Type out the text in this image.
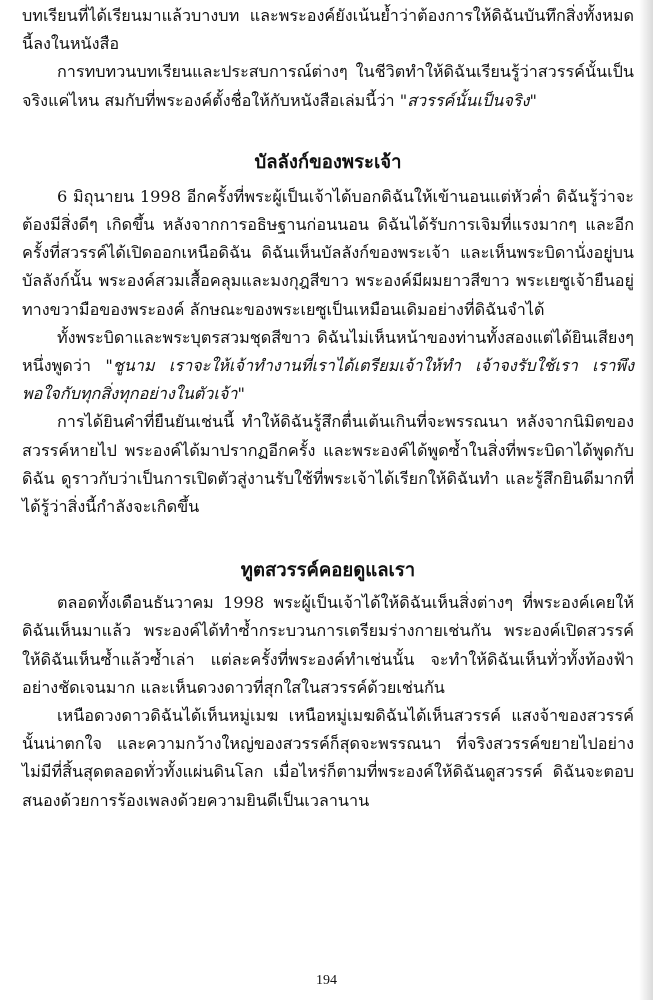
บทเรียนที่ได้เรียนมาแล้วบางบท และพระองค์ยังเน้นย้ำว่าต้องการให้ดิฉันบันทึกสิ่งทั้งหมดนี้ลงในหนังสือ

การทบทวนบทเรียนและประสบการณ์ต่างๆ ในชีวิตทำให้ดิฉันเรียนรู้ว่าสวรรค์นั้นเป็นจริงแค่ไหน สมกับที่พระองค์ตั้งชื่อให้กับหนังสือเล่มนี้ว่า "สวรรค์นั้นเป็นจริง"

บัลลังก์ของพระเจ้า

6 มิถุนายน 1998 อีกครั้งที่พระผู้เป็นเจ้าได้บอกดิฉันให้เข้านอนแต่หัวค่ำ ดิฉันรู้ว่าจะต้องมีสิ่งดีๆ เกิดขึ้น หลังจากการอธิษฐานก่อนนอน ดิฉันได้รับการเจิมที่แรงมากๆ และอีกครั้งที่สวรรค์ได้เปิดออกเหนือดิฉัน ดิฉันเห็นบัลลังก์ของพระเจ้า และเห็นพระบิดานั่งอยู่บนบัลลังก์นั้น พระองค์สวมเสื้อคลุมและมงกุฎสีขาว พระองค์มีผมยาวสีขาว พระเยซูเจ้ายืนอยู่ทางขวามือของพระองค์ ลักษณะของพระเยซูเป็นเหมือนเดิมอย่างที่ดิฉันจำได้

ทั้งพระบิดาและพระบุตรสวมชุดสีขาว ดิฉันไม่เห็นหน้าของท่านทั้งสองแต่ได้ยินเสียงๆ หนึ่งพูดว่า "ชูนาม เราจะให้เจ้าทำงานที่เราได้เตรียมเจ้าให้ทำ เจ้าจงรับใช้เรา เราพึงพอใจกับทุกสิ่งทุกอย่างในตัวเจ้า"

การได้ยินคำที่ยืนยันเช่นนี้ ทำให้ดิฉันรู้สึกตื่นเต้นเกินที่จะพรรณนา หลังจากนิมิตของสวรรค์หายไป พระองค์ได้มาปรากฏอีกครั้ง และพระองค์ได้พูดซ้ำในสิ่งที่พระบิดาได้พูดกับดิฉัน ดูราวกับว่าเป็นการเปิดตัวสู่งานรับใช้ที่พระเจ้าได้เรียกให้ดิฉันทำ และรู้สึกยินดีมากที่ได้รู้ว่าสิ่งนี้กำลังจะเกิดขึ้น

ทูตสวรรค์คอยดูแลเรา

ตลอดทั้งเดือนธันวาคม 1998 พระผู้เป็นเจ้าได้ให้ดิฉันเห็นสิ่งต่างๆ ที่พระองค์เคยให้ดิฉันเห็นมาแล้ว พระองค์ได้ทำซ้ำกระบวนการเตรียมร่างกายเช่นกัน พระองค์เปิดสวรรค์ให้ดิฉันเห็นซ้ำแล้วซ้ำเล่า แต่ละครั้งที่พระองค์ทำเช่นนั้น จะทำให้ดิฉันเห็นทั่วทั้งท้องฟ้าอย่างชัดเจนมาก และเห็นดวงดาวที่สุกใสในสวรรค์ด้วยเช่นกัน

เหนือดวงดาวดิฉันได้เห็นหมู่เมฆ เหนือหมู่เมฆดิฉันได้เห็นสวรรค์ แสงจ้าของสวรรค์นั้นน่าตกใจ และความกว้างใหญ่ของสวรรค์ก็สุดจะพรรณนา ที่จริงสวรรค์ขยายไปอย่างไม่มีที่สิ้นสุดตลอดทั่วทั้งแผ่นดินโลก เมื่อไหร่ก็ตามที่พระองค์ให้ดิฉันดูสวรรค์ ดิฉันจะตอบสนองด้วยการร้องเพลงด้วยความยินดีเป็นเวลานาน

194
